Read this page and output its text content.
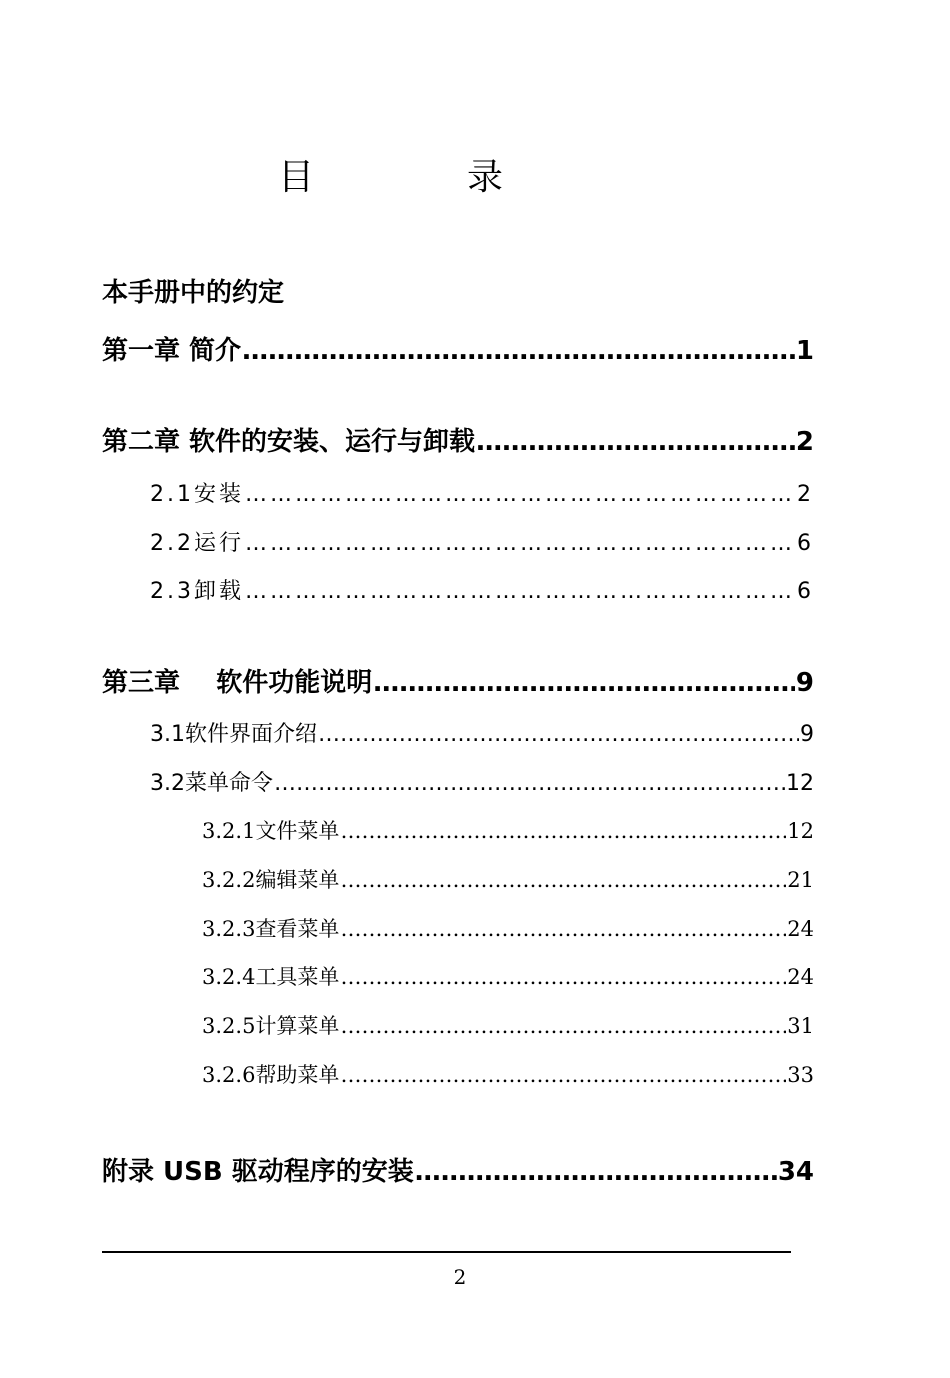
目	录
本手册中的约定
第一章 简介 ……………………………………………………………………………………………………………………………………………………………………	1
第二章 软件的安装、运行与卸载 ……………………………………………………………………………………………………………………………………………………………………	2
2.1 安装 ……………………………………………………………………………………………………………………………………………………………………	2
2.2 运行 ……………………………………………………………………………………………………………………………………………………………………	6
2.3 卸载 ……………………………………………………………………………………………………………………………………………………………………	6
第三章    软件功能说明 ……………………………………………………………………………………………………………………………………………………………………	9
3.1 软件界面介绍 ……………………………………………………………………………………………………………………………………………………………………	9
3.2 菜单命令 ……………………………………………………………………………………………………………………………………………………………………	12
3.2.1 文件菜单 ……………………………………………………………………………………………………………………………………………………………………	12
3.2.2 编辑菜单 ……………………………………………………………………………………………………………………………………………………………………	21
3.2.3 查看菜单 ……………………………………………………………………………………………………………………………………………………………………	24
3.2.4 工具菜单 ……………………………………………………………………………………………………………………………………………………………………	24
3.2.5 计算菜单 ……………………………………………………………………………………………………………………………………………………………………	31
3.2.6 帮助菜单 ……………………………………………………………………………………………………………………………………………………………………	33
附录 USB 驱动程序的安装 ……………………………………………………………………………………………………………………………………………………………………	34
2
